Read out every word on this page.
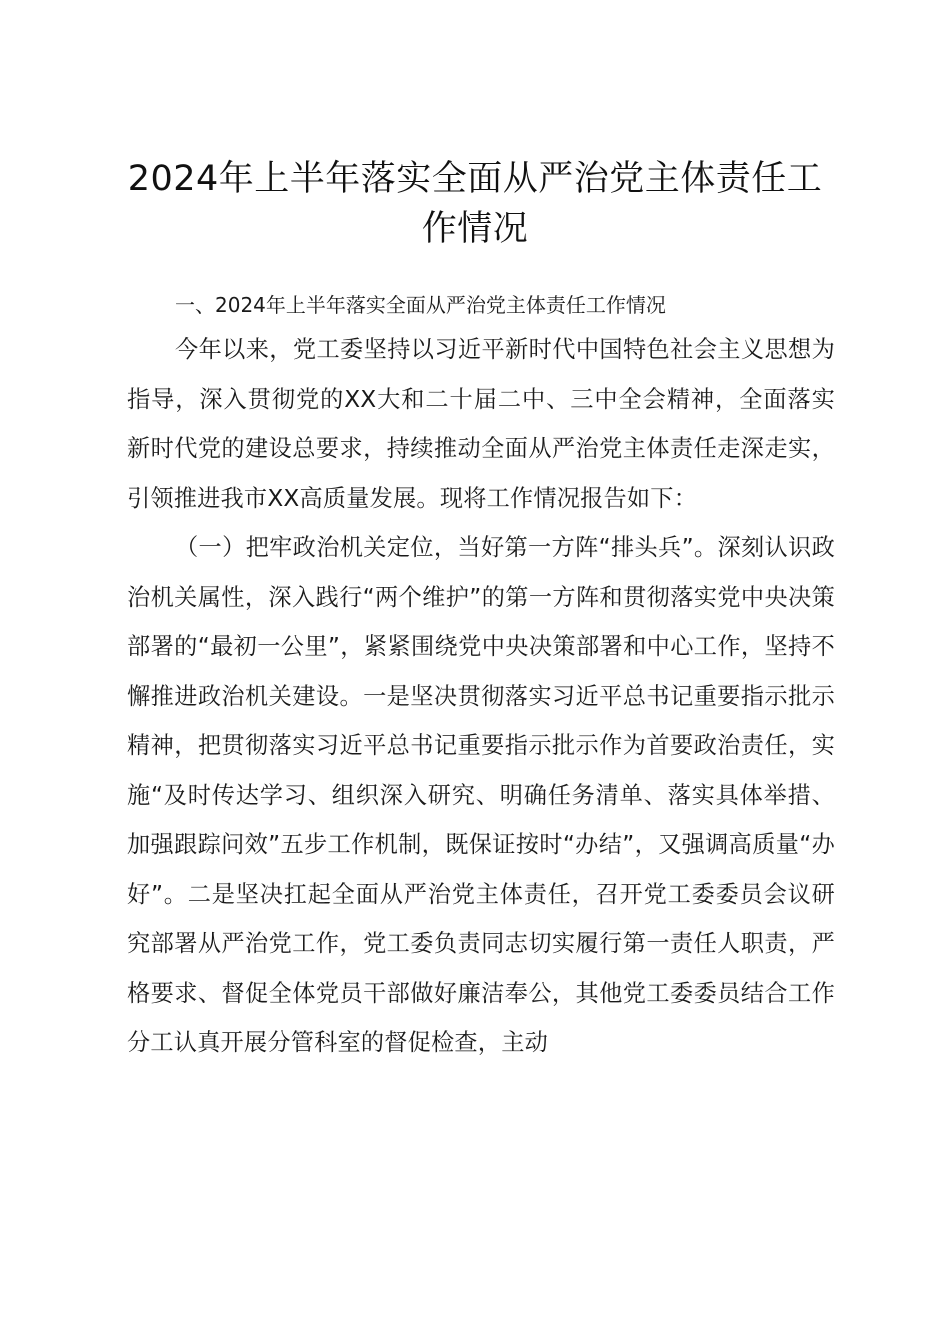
2024年上半年落实全面从严治党主体责任工作情况

一、2024年上半年落实全面从严治党主体责任工作情况

今年以来，党工委坚持以习近平新时代中国特色社会主义思想为指导，深入贯彻党的XX大和二十届二中、三中全会精神，全面落实新时代党的建设总要求，持续推动全面从严治党主体责任走深走实，引领推进我市XX高质量发展。现将工作情况报告如下：

（一）把牢政治机关定位，当好第一方阵“排头兵”。深刻认识政治机关属性，深入践行“两个维护”的第一方阵和贯彻落实党中央决策部署的“最初一公里”，紧紧围绕党中央决策部署和中心工作，坚持不懈推进政治机关建设。一是坚决贯彻落实习近平总书记重要指示批示精神，把贯彻落实习近平总书记重要指示批示作为首要政治责任，实施“及时传达学习、组织深入研究、明确任务清单、落实具体举措、加强跟踪问效”五步工作机制，既保证按时“办结”，又强调高质量“办好”。二是坚决扛起全面从严治党主体责任，召开党工委委员会议研究部署从严治党工作，党工委负责同志切实履行第一责任人职责，严格要求、督促全体党员干部做好廉洁奉公，其他党工委委员结合工作分工认真开展分管科室的督促检查，主动
